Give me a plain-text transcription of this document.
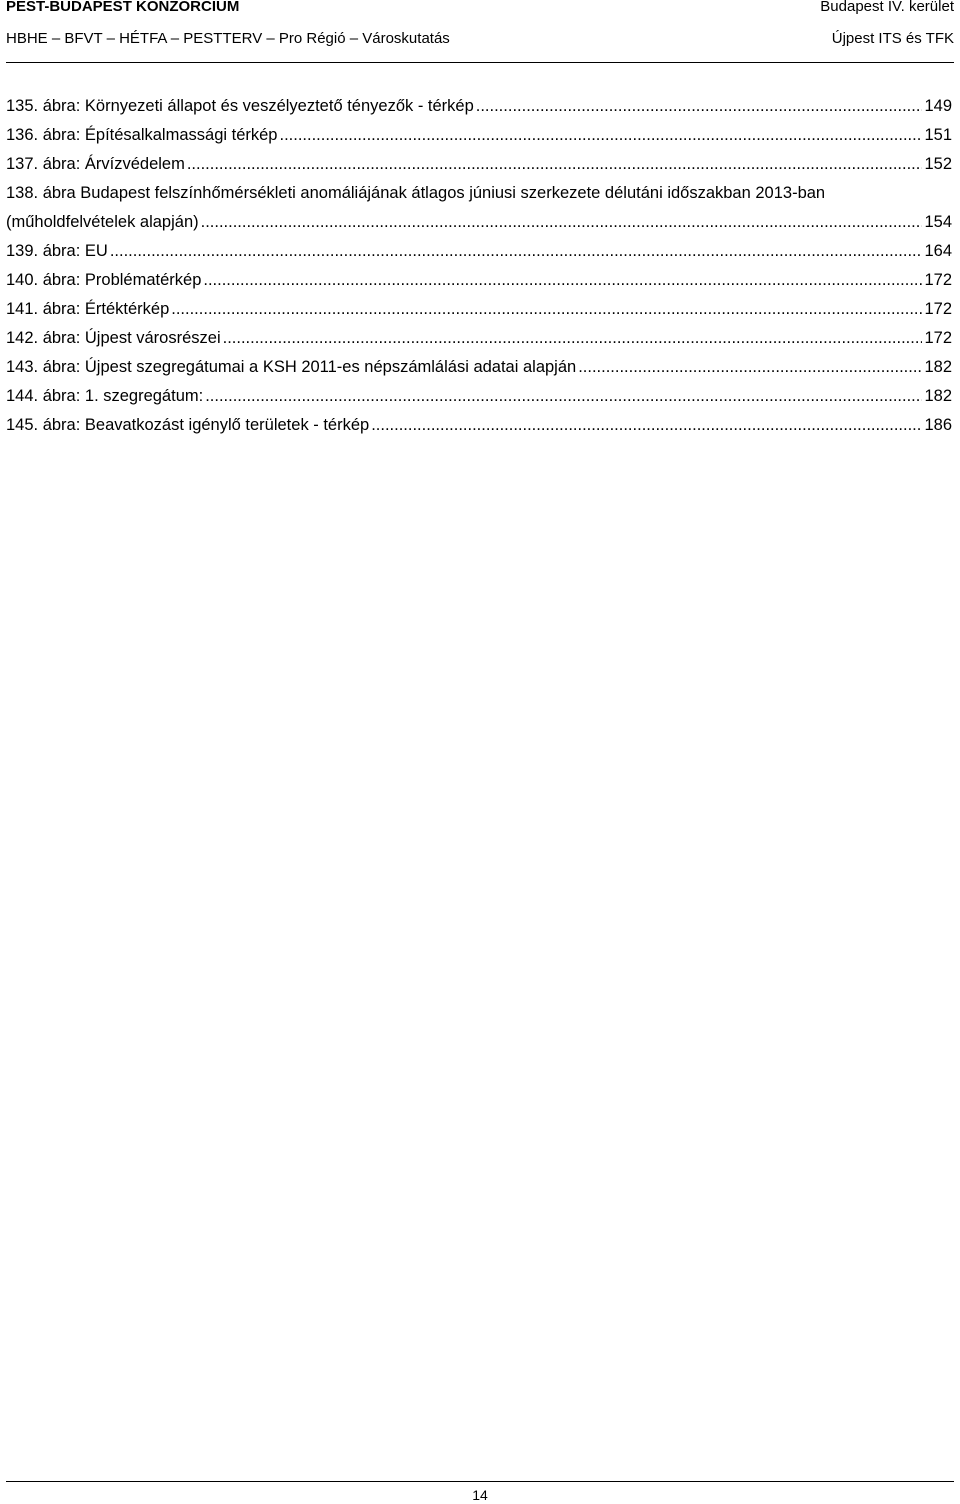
PEST-BUDAPEST KONZORCIUM	Budapest IV. kerület
HBHE – BFVT – HÉTFA – PESTTERV – Pro Régió – Városkutatás	Újpest ITS és TFK
135. ábra: Környezeti állapot és veszélyeztető tényezők - térkép .....	149
136. ábra: Építésalkalmassági térkép .....	151
137. ábra: Árvízvédelem .....	152
138. ábra Budapest felszínhőmérsékleti anomáliájának átlagos júniusi szerkezete délutáni időszakban 2013-ban
(műholdfelvételek alapján) .....	154
139. ábra: EU .....	164
140. ábra: Problématérkép .....	172
141. ábra: Értéktérkép .....	172
142. ábra: Újpest városrészei .....	172
143. ábra: Újpest szegregátumai a KSH 2011-es népszámlálási adatai alapján .....	182
144. ábra: 1. szegregátum: .....	182
145. ábra: Beavatkozást igénylő területek - térkép .....	186
14
